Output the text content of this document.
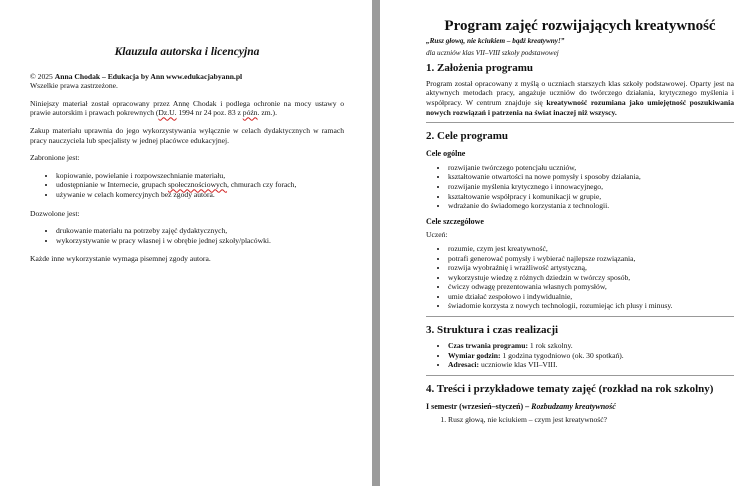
Klauzula autorska i licencyjna

© 2025 Anna Chodak – Edukacja by Ann www.edukacjabyann.pl
Wszelkie prawa zastrzeżone.

Niniejszy materiał został opracowany przez Annę Chodak i podlega ochronie na mocy ustawy o prawie autorskim i prawach pokrewnych (Dz.U. 1994 nr 24 poz. 83 z późn. zm.).

Zakup materiału uprawnia do jego wykorzystywania wyłącznie w celach dydaktycznych w ramach pracy nauczyciela lub specjalisty w jednej placówce edukacyjnej.

Zabronione jest:

• kopiowanie, powielanie i rozpowszechnianie materiału,
• udostępnianie w Internecie, grupach społecznościowych, chmurach czy forach,
• używanie w celach komercyjnych bez zgody autora.

Dozwolone jest:

• drukowanie materiału na potrzeby zajęć dydaktycznych,
• wykorzystywanie w pracy własnej i w obrębie jednej szkoły/placówki.

Każde inne wykorzystanie wymaga pisemnej zgody autora.

Program zajęć rozwijających kreatywność

„Rusz głową, nie kciukiem – bądź kreatywny!”

dla uczniów klas VII–VIII szkoły podstawowej

1. Założenia programu

Program został opracowany z myślą o uczniach starszych klas szkoły podstawowej. Oparty jest na aktywnych metodach pracy, angażuje uczniów do twórczego działania, krytycznego myślenia i współpracy. W centrum znajduje się kreatywność rozumiana jako umiejętność poszukiwania nowych rozwiązań i patrzenia na świat inaczej niż wszyscy.

2. Cele programu
Cele ogólne
• rozwijanie twórczego potencjału uczniów,
• kształtowanie otwartości na nowe pomysły i sposoby działania,
• rozwijanie myślenia krytycznego i innowacyjnego,
• kształtowanie współpracy i komunikacji w grupie,
• wdrażanie do świadomego korzystania z technologii.
Cele szczegółowe

Uczeń:

• rozumie, czym jest kreatywność,
• potrafi generować pomysły i wybierać najlepsze rozwiązania,
• rozwija wyobraźnię i wrażliwość artystyczną,
• wykorzystuje wiedzę z różnych dziedzin w twórczy sposób,
• ćwiczy odwagę prezentowania własnych pomysłów,
• umie działać zespołowo i indywidualnie,
• świadomie korzysta z nowych technologii, rozumiejąc ich plusy i minusy.
3. Struktura i czas realizacji
• Czas trwania programu: 1 rok szkolny.
• Wymiar godzin: 1 godzina tygodniowo (ok. 30 spotkań).
• Adresaci: uczniowie klas VII–VIII.
4. Treści i przykładowe tematy zajęć (rozkład na rok szkolny)
I semestr (wrzesień–styczeń) – Rozbudzamy kreatywność
1. Rusz głową, nie kciukiem – czym jest kreatywność?
